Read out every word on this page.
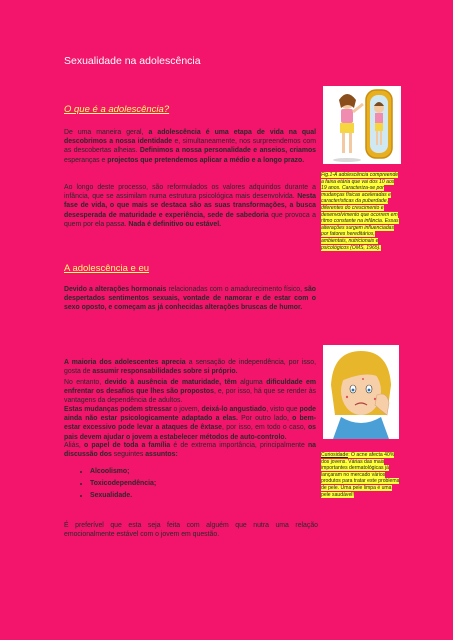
Sexualidade na adolescência
O que é a adolescência?

De uma maneira geral, a adolescência é uma etapa de vida na qual descobrimos a nossa identidade e, simultaneamente, nos surpreendemos com as descobertas alheias. Definimos a nossa personalidade e anseios, criamos esperanças e projectos que pretendemos aplicar a médio e a longo prazo.

Ao longo deste processo, são reformulados os valores adquiridos durante a infância, que se assimilam numa estrutura psicológica mais desenvolvida. Nesta fase de vida, o que mais se destaca são as suas transformações, a busca desesperada de maturidade e experiência, sede de sabedoria que provoca a quem por ela passa. Nada é definitivo ou estável.

A adolescência e eu

Devido a alterações hormonais relacionadas com o amadurecimento físico, são despertados sentimentos sexuais, vontade de namorar e de estar com o sexo oposto, e começam as já conhecidas alterações bruscas de humor.

A maioria dos adolescentes aprecia a sensação de independência, por isso, gosta de assumir responsabilidades sobre si próprio.

No entanto, devido à ausência de maturidade, têm alguma dificuldade em enfrentar os desafios que lhes são propostos, e, por isso, há que se render às vantagens da dependência de adultos.

Estas mudanças podem stressar o jovem, deixá-lo angustiado, visto que pode ainda não estar psicologicamente adaptado a elas. Por outro lado, o bem-estar excessivo pode levar a ataques de êxtase, por isso, em todo o caso, os pais devem ajudar o jovem a estabelecer métodos de auto-controlo.

Aliás, o papel de toda a família é de extrema importância, principalmente na discussão dos seguintes assuntos:

• Alcoolismo;
• Toxicodependência;
• Sexualidade.

É preferível que esta seja feita com alguém que nutra uma relação emocionalmente estável com o jovem em questão.

Fig.1-A adolescência compreende a faixa etária que vai dos 10 aos 19 anos. Caracteriza-se por mudanças físicas aceleradas e características da puberdade, diferentes do crescimento e desenvolvimento que ocorrem em ritmo constante na infância. Essas alterações surgem influenciadas por fatores hereditários, ambientais, nutricionais e psicológicos (OMS, 1965).

Curiosidade: O acne afecta 40% dos jovens. Várias das mais importantes dermatológicas já lançaram no mercado vários produtos para tratar este problema de pele. Uma pele limpa é uma pele saudável!
